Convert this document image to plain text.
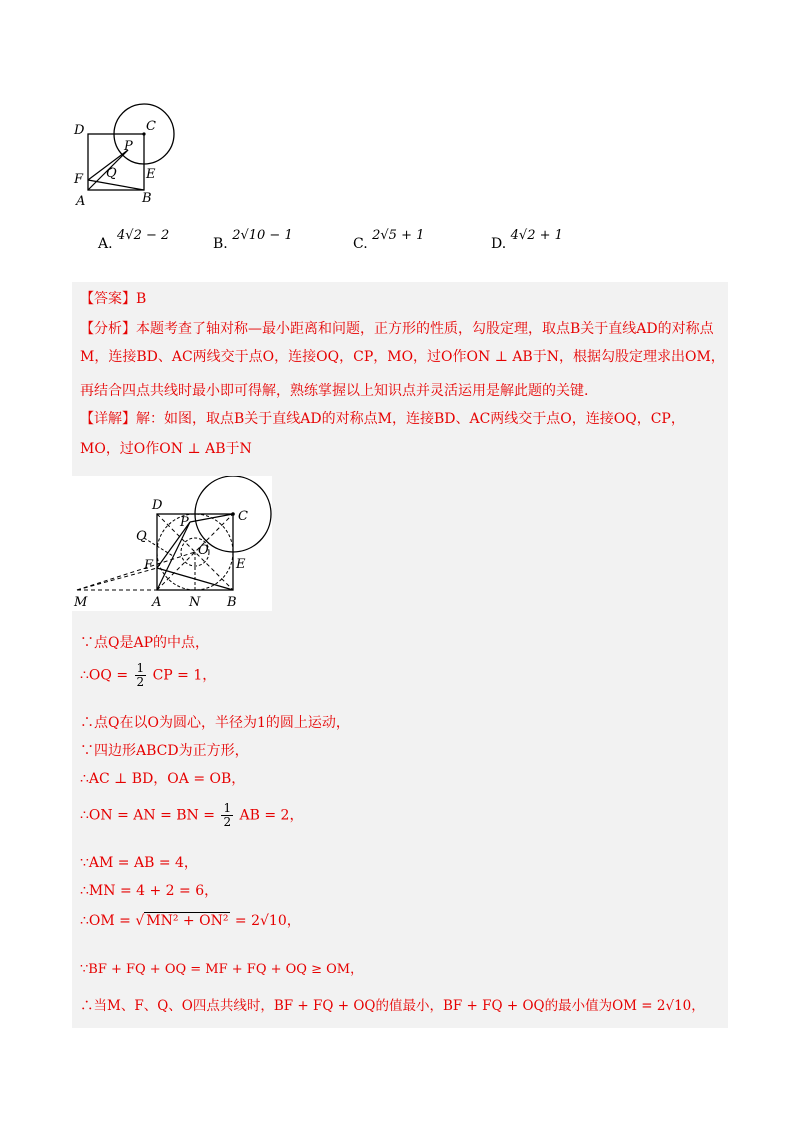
D	C
P
F Q E
A	B
A. 4√2 − 2
B. 2√10 − 1
C. 2√5 + 1
D. 4√2 + 1
【答案】B
【分析】本题考查了轴对称—最小距离和问题，正方形的性质，勾股定理，取点B关于直线AD的对称点
M，连接BD、AC两线交于点O，连接OQ，CP，MO，过O作ON ⊥ AB于N，根据勾股定理求出OM，
再结合四点共线时最小即可得解，熟练掌握以上知识点并灵活运用是解此题的关键.
【详解】解：如图，取点B关于直线AD的对称点M，连接BD、AC两线交于点O，连接OQ，CP，
MO，过O作ON ⊥ AB于N
D
C
P
Q
O
F	E
M	A N B
∵点Q是AP的中点，
∴OQ = $\frac{1}{2}$ CP = 1，
∴点Q在以O为圆心，半径为1的圆上运动，
∵四边形ABCD为正方形，
∴AC ⊥ BD，OA = OB，
∴ON = AN = BN = $\frac{1}{2}$ AB = 2，
∵AM = AB = 4，
∴MN = 4 + 2 = 6，
∴OM = √ MN² + ON² = 2√10，
∵BF + FQ + OQ = MF + FQ + OQ ≥ OM，
∴当M、F、Q、O四点共线时，BF + FQ + OQ的值最小，BF + FQ + OQ的最小值为OM = 2√10，
